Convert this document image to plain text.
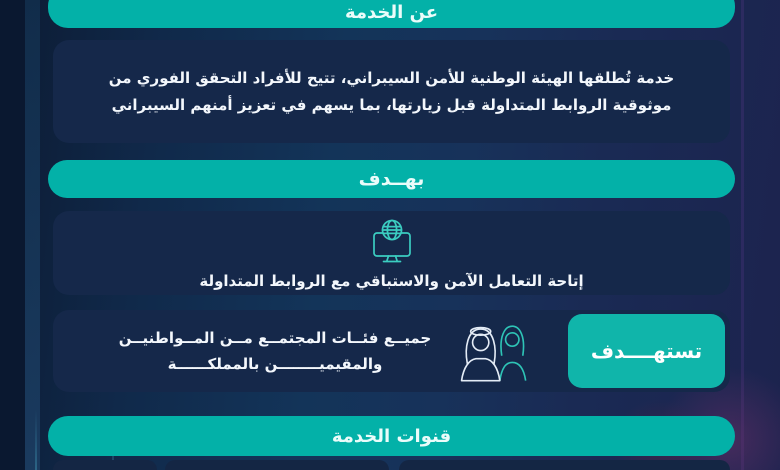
عن الخدمة
خدمة تُطلقها الهيئة الوطنية للأمن السيبراني، تتيح للأفراد التحقق الفوري من موثوقية الروابط المتداولة قبل زيارتها، بما يسهم في تعزيز أمنهم السيبراني
بهــدف
إتاحة التعامل الآمن والاستباقي مع الروابط المتداولة
تستهــــدف
جميــع فئــات المجتمــع مــن المــواطنيــن
والمقيميــــــــن بالمملكــــــة
قنوات الخدمة
